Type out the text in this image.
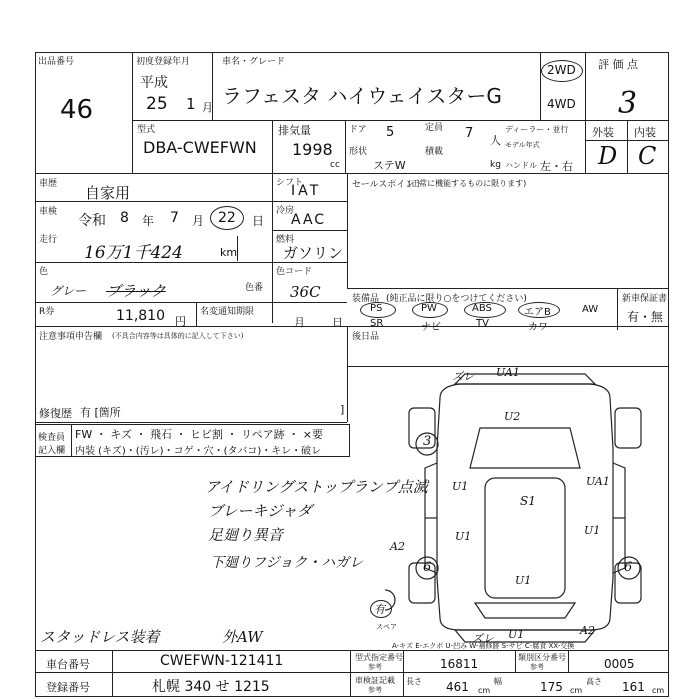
出品番号
46
初度登録年月
平成
25 1 月
車名・グレード
ラフェスタ ハイウェイスターG
2WD
4WD
評 価 点
3
型式
DBA-CWEFWN
排気量
1998
cc
ドア 5	定員 7 人
形状
ステW
積載
kg
ディーラー・並行
モデル年式
ハンドル 左・右
外装 内装
D C
車歴 自家用
車検
令和 8 年 7 月 22 日
走行
16万1千424	km
シフト
IAT
冷房
AAC
燃料
ガソリン
色
グレー ブラック	色番
色コード
36C
R券	11,810 円
名変通知期限
月 日
セールスポイント
(正常に機能するものに限ります)
装備品 (純正品に限り○をつけてください)	新車保証書
有・無
PS
SR
PW
ナビ
ABS
TV
エアB
カワ
AW
後日品
注意事項申告欄 (不具合内容等は具体的に記入して下さい)
修復歴 有 [箇所	]
検査員
記入欄
FW ・ キズ ・ 飛石 ・ ヒビ割 ・ リペア跡 ・ ×要
内装 (キズ)・(汚レ)・コゲ・穴・(タバコ)・キレ・破レ
アイドリングストップランプ点滅
ブレーキジャダ
足廻り異音
下廻りフジョク・ハガレ
スタッドレス装着	外AW
ズレ UA1
U2
3
U1
U1
S1
UA1
U1
A2
6	6
U1
有
スペア
ズレ U1	A2
A-キズ E-エクボ U-凹み W-補修跡 S-サビ C-腐食 XX-交換
車台番号	CWEFWN-121411
登録番号	札幌 340 せ 1215
型式指定番号
参考	16811	類別区分番号
参考	0005
車検証記載
参考
長さ 461 cm
幅	175 cm
高さ 161 cm
